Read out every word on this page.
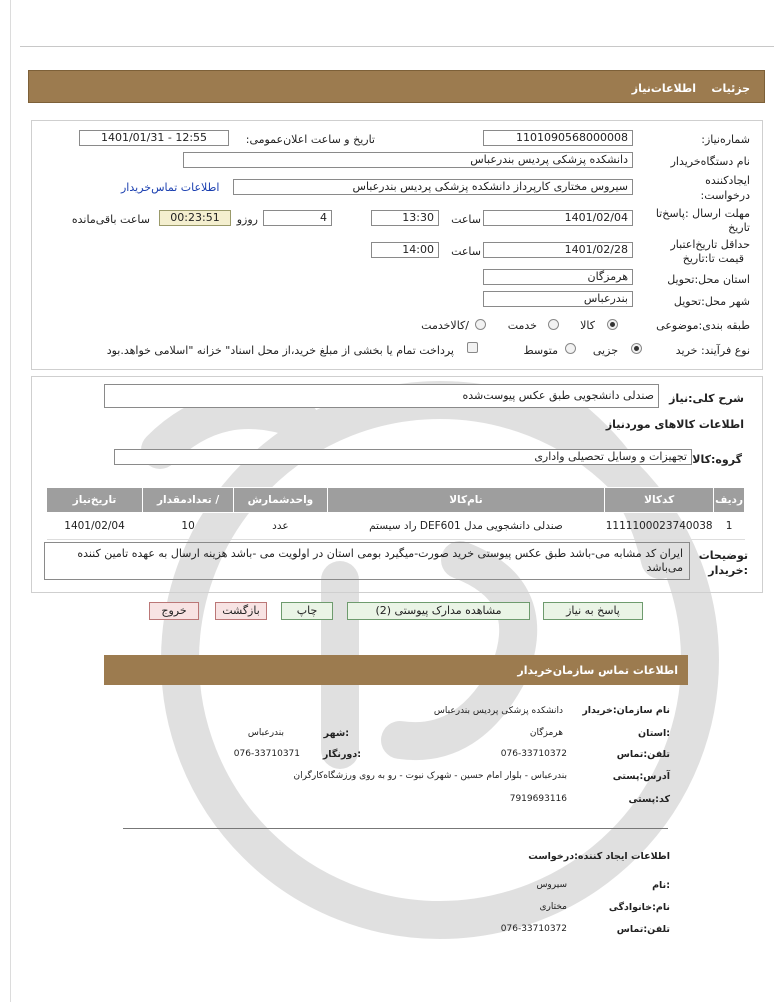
جزئیات
اطلاعات‌نیاز
شماره‌نیاز:
1101090568000008
تاریخ و ساعت اعلان‌عمومی:
1401/01/31 - 12:55
نام دستگاه‌خریدار
دانشکده پزشکی پردیس بندرعباس
ایجادکننده
درخواست:
سیروس مختاری کارپرداز دانشکده پزشکی پردیس بندرعباس
اطلاعات تماس‌خریدار
مهلت ارسال :پاسخ‌تا
تاریخ
1401/02/04
ساعت
13:30
4
روزو
00:23:51
ساعت باقی‌مانده
حداقل تاریخ‌اعتبار
قیمت تا:تاریخ
1401/02/28
ساعت
14:00
استان محل:تحویل
هرمزگان
شهر محل:تحویل
بندرعباس
طبقه بندی:موضوعی
کالا
خدمت
/کالاخدمت
نوع فرآیند: خرید
جزیی
متوسط
پرداخت تمام یا بخشی از مبلغ خرید،از محل اسناد" خزانه "اسلامی خواهد.بود
شرح کلی:نیاز
صندلی دانشجویی طبق عکس پیوست‌شده
اطلاعات کالاهای موردنیاز
گروه:کالا
تجهیزات و وسایل تحصیلی واداری
ردیف	کدکالا	نام‌کالا	واحدشمارش	/ تعدادمقدار	تاریخ‌نیاز
1	1111100023740038	صندلی دانشجویی مدل DEF601 راد سیستم	عدد	10	1401/02/04
توضیحات
:خریدار
ایران کد مشابه می-باشد طبق عکس پیوستی خرید صورت-میگیرد بومی استان در اولویت می -باشد هزینه ارسال به عهده تامین کننده می‌باشد
پاسخ به نیاز
مشاهده مدارک پیوستی (2)
چاپ
بازگشت
خروج
اطلاعات تماس سازمان‌خریدار
نام سازمان:خریدار
دانشکده پزشکی پردیس بندرعباس
:استان
هرمزگان
:شهر
بندرعباس
تلفن:تماس
076-33710372
:دورنگار
076-33710371
آدرس:پستی
بندرعباس - بلوار امام حسین - شهرک نبوت - رو به روی ورزشگاه‌کارگران
کد:پستی
7919693116
اطلاعات ایجاد کننده:درخواست
:نام
سیروس
نام:خانوادگی
مختاری
تلفن:تماس
076-33710372
